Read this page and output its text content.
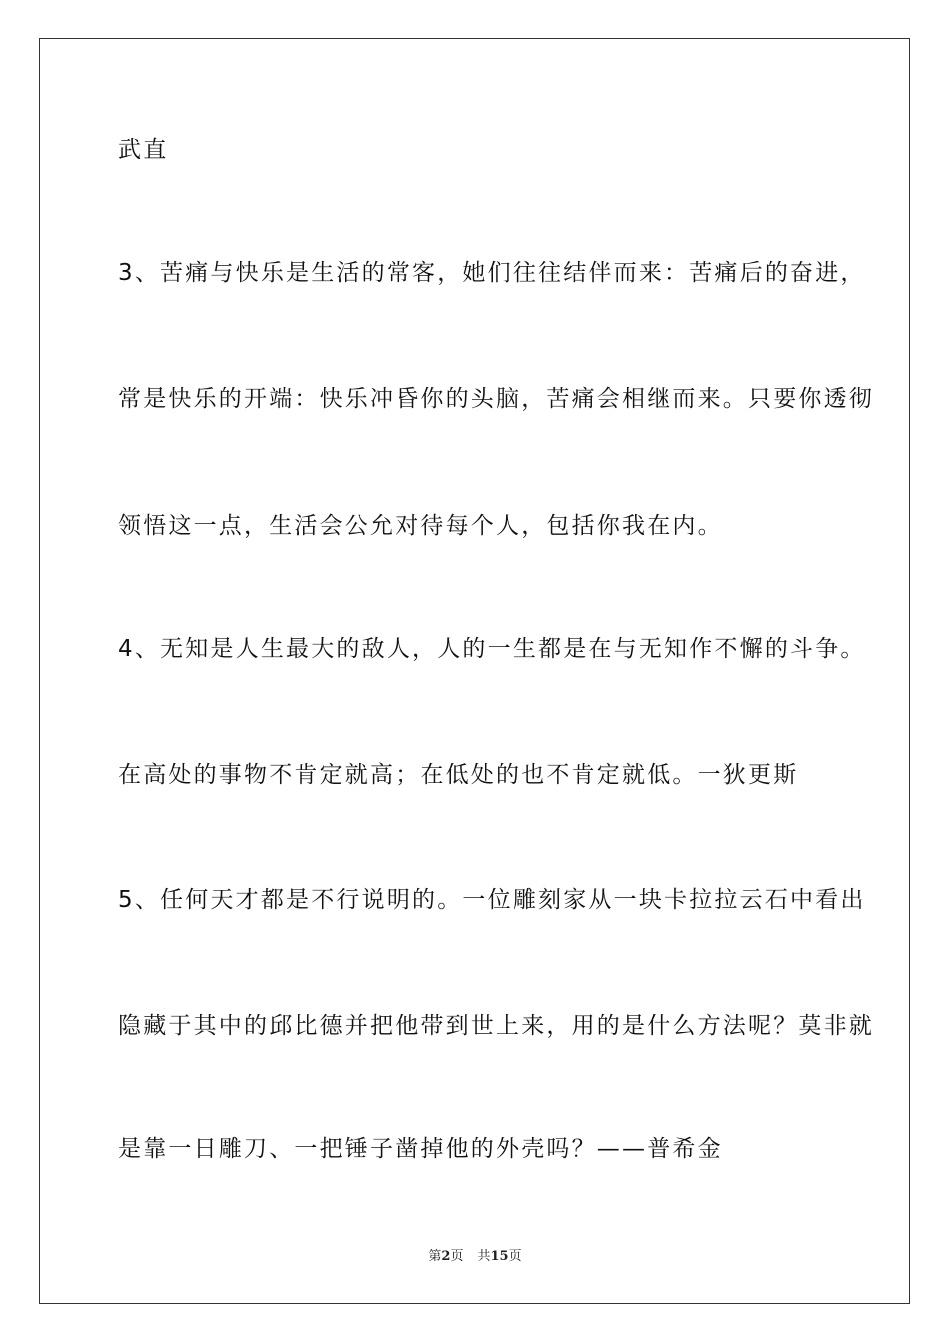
武直
3、苦痛与快乐是生活的常客，她们往往结伴而来：苦痛后的奋进，
常是快乐的开端：快乐冲昏你的头脑，苦痛会相继而来。只要你透彻
领悟这一点，生活会公允对待每个人，包括你我在内。
4、无知是人生最大的敌人，人的一生都是在与无知作不懈的斗争。
在高处的事物不肯定就高；在低处的也不肯定就低。一狄更斯
5、任何天才都是不行说明的。一位雕刻家从一块卡拉拉云石中看出
隐藏于其中的邱比德并把他带到世上来，用的是什么方法呢？莫非就
是靠一日雕刀、一把锤子凿掉他的外壳吗？——普希金
第2页 共15页
